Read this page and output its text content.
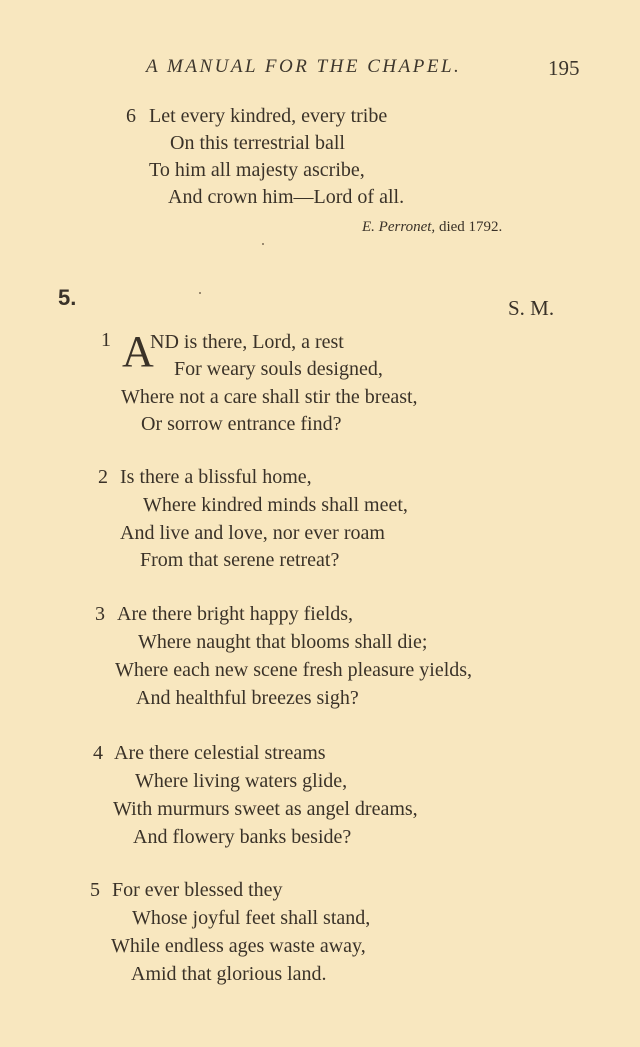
A MANUAL FOR THE CHAPEL.	195
6 Let every kindred, every tribe
On this terrestrial ball
To him all majesty ascribe,
And crown him—Lord of all.
E. Perronet, died 1792.
5.	S. M.
1 A
ND is there, Lord, a rest
For weary souls designed,
Where not a care shall stir the breast,
Or sorrow entrance find?
2 Is there a blissful home,
Where kindred minds shall meet,
And live and love, nor ever roam
From that serene retreat?
3 Are there bright happy fields,
Where naught that blooms shall die;
Where each new scene fresh pleasure yields,
And healthful breezes sigh?
4 Are there celestial streams
Where living waters glide,
With murmurs sweet as angel dreams,
And flowery banks beside?
5 For ever blessed they
Whose joyful feet shall stand,
While endless ages waste away,
Amid that glorious land.
